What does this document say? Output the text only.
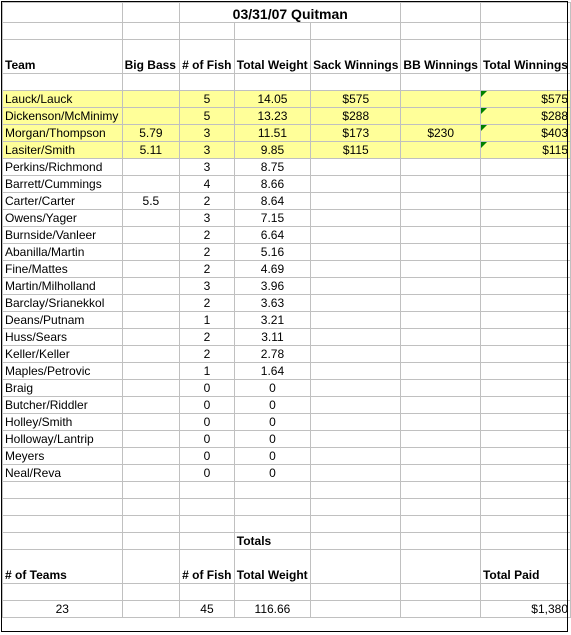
		03/31/07 Quitman				

Team	Big Bass	# of Fish	Total Weight	Sack Winnings	BB Winnings	Total Winnings

Lauck/Lauck		5	14.05	$575		$575
Dickenson/McMinimy		5	13.23	$288		$288
Morgan/Thompson	5.79	3	11.51	$173	$230	$403
Lasiter/Smith	5.11	3	9.85	$115		$115
Perkins/Richmond		3	8.75			
Barrett/Cummings		4	8.66			
Carter/Carter	5.5	2	8.64			
Owens/Yager		3	7.15			
Burnside/Vanleer		2	6.64			
Abanilla/Martin		2	5.16			
Fine/Mattes		2	4.69			
Martin/Milholland		3	3.96			
Barclay/Srianekkol		2	3.63			
Deans/Putnam		1	3.21			
Huss/Sears		2	3.11			
Keller/Keller		2	2.78			
Maples/Petrovic		1	1.64			
Braig		0	0			
Butcher/Riddler		0	0			
Holley/Smith		0	0			
Holloway/Lantrip		0	0			
Meyers		0	0			
Neal/Reva		0	0			

			Totals			
# of Teams		# of Fish	Total Weight			Total Paid

23		45	116.66			$1,380
